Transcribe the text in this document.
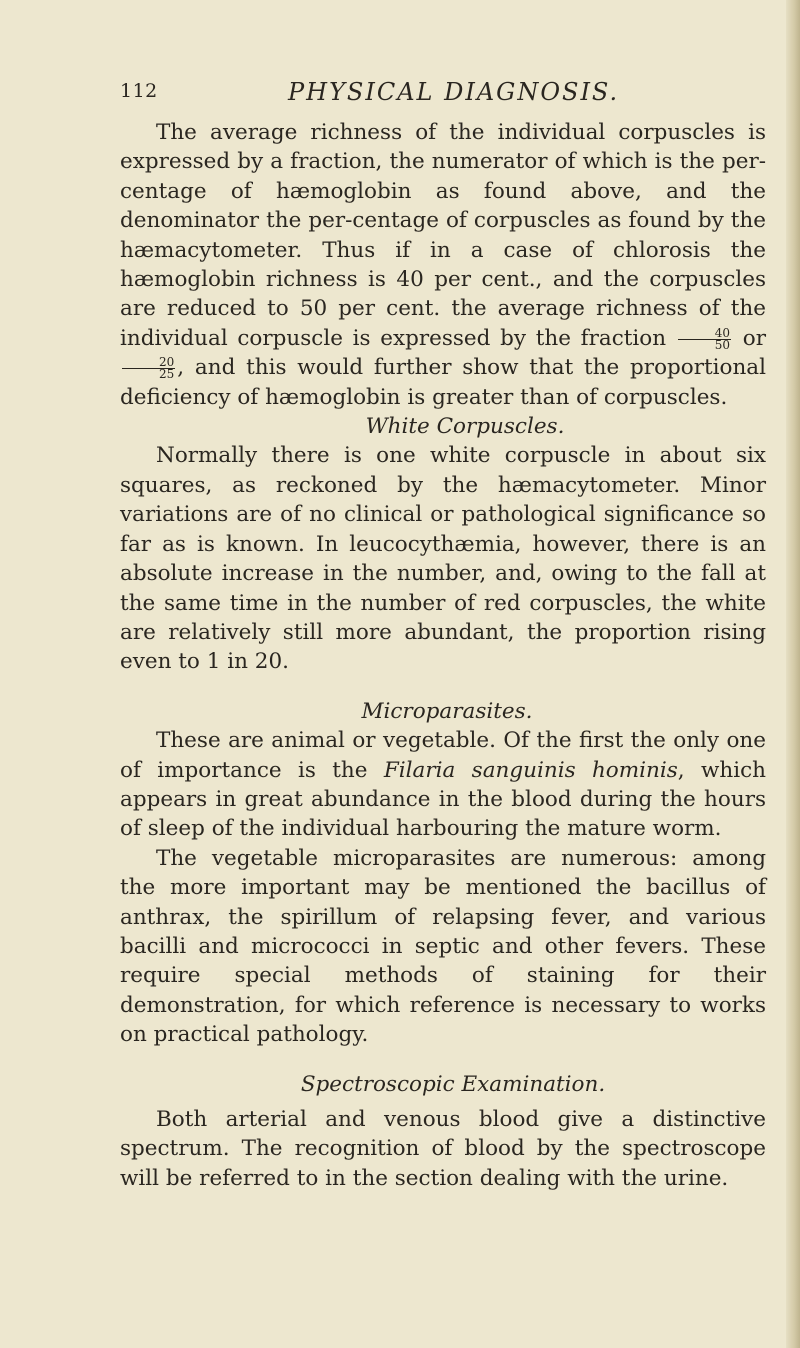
112	PHYSICAL DIAGNOSIS.

The average richness of the individual corpuscles is expressed by a fraction, the numerator of which is the per-centage of hæmoglobin as found above, and the denominator the per-centage of corpuscles as found by the hæmacytometer. Thus if in a case of chlorosis the hæmoglobin richness is 40 per cent., and the corpuscles are reduced to 50 per cent. the average richness of the individual corpuscle is expressed by the fraction $\frac{40}{50}$ or
$\frac{20}{25}$ , and this would further show that the proportional deficiency of hæmoglobin is greater than of corpuscles.

White Corpuscles.

Normally there is one white corpuscle in about six squares, as reckoned by the hæmacytometer. Minor variations are of no clinical or pathological significance so far as is known. In leucocythæmia, however, there is an absolute increase in the number, and, owing to the fall at the same time in the number of red corpuscles, the white are relatively still more abundant, the proportion rising even to 1 in 20.

Microparasites.

These are animal or vegetable. Of the first the only one of importance is the Filaria sanguinis hominis, which appears in great abundance in the blood during the hours of sleep of the individual harbouring the mature worm.

The vegetable microparasites are numerous: among the more important may be mentioned the bacillus of anthrax, the spirillum of relapsing fever, and various bacilli and micrococci in septic and other fevers. These require special methods of staining for their demonstration, for which reference is necessary to works on practical pathology.

Spectroscopic Examination.

Both arterial and venous blood give a distinctive spectrum. The recognition of blood by the spectroscope will be referred to in the section dealing with the urine.
